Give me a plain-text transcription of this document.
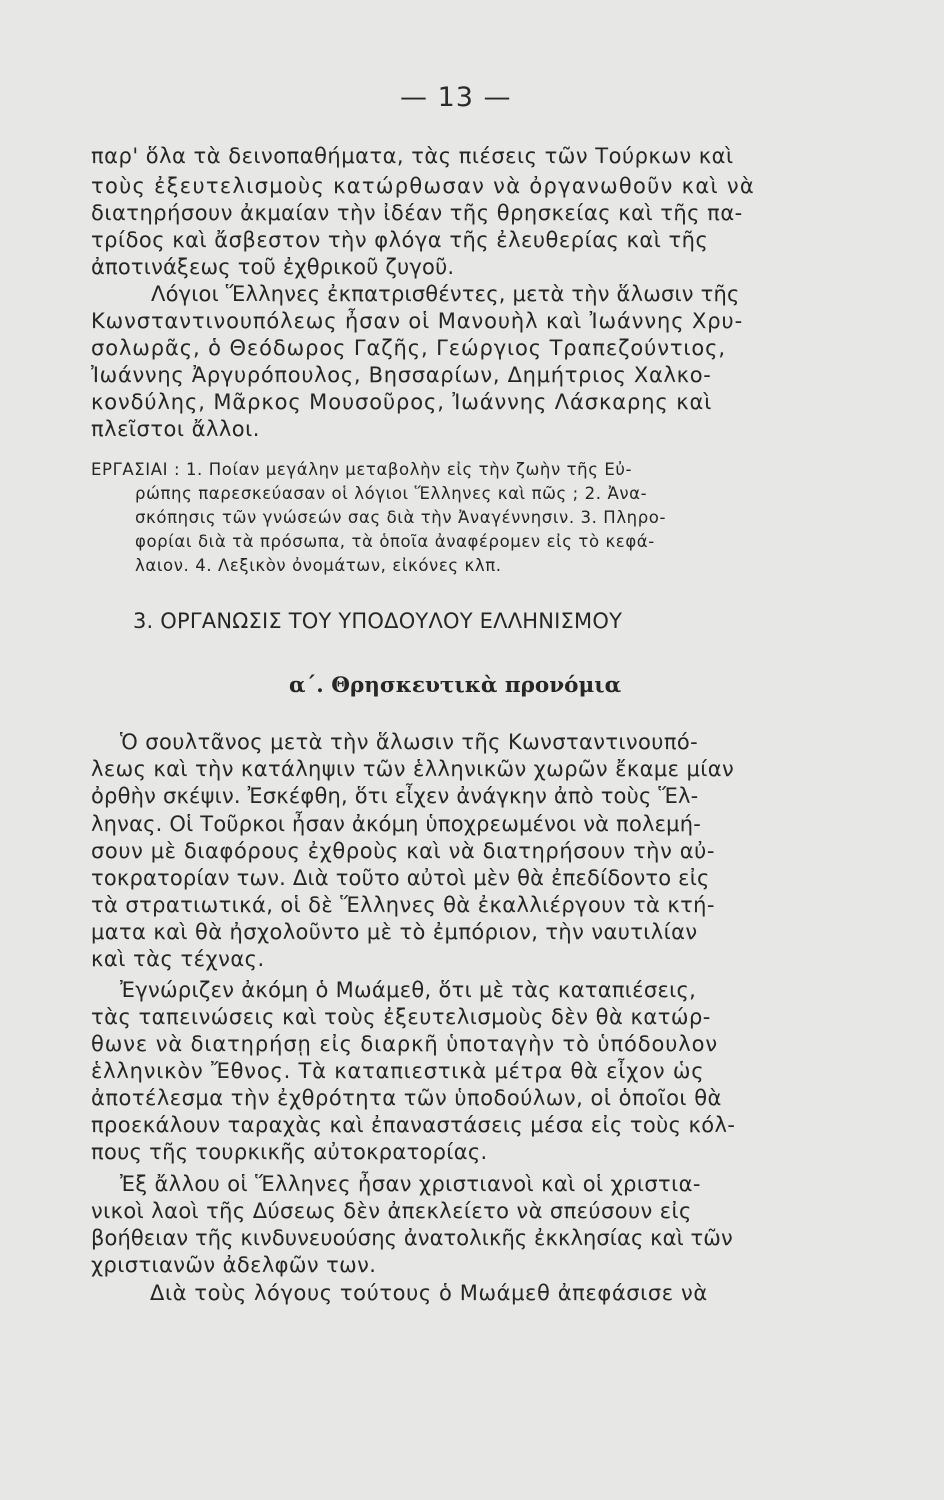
— 13 —
παρ' ὅλα τὰ δεινοπαθήματα, τὰς πιέσεις τῶν Τούρκων καὶ
τοὺς ἐξευτελισμοὺς κατώρθωσαν νὰ ὀργανωθοῦν καὶ νὰ
διατηρήσουν ἀκμαίαν τὴν ἰδέαν τῆς θρησκείας καὶ τῆς πα-
τρίδος καὶ ἄσβεστον τὴν φλόγα τῆς ἐλευθερίας καὶ τῆς
ἀποτινάξεως τοῦ ἐχθρικοῦ ζυγοῦ.
Λόγιοι Ἕλληνες ἐκπατρισθέντες, μετὰ τὴν ἅλωσιν τῆς
Κωνσταντινουπόλεως ἦσαν οἱ Μανουὴλ καὶ Ἰωάννης Χρυ-
σολωρᾶς, ὁ Θεόδωρος Γαζῆς, Γεώργιος Τραπεζούντιος,
Ἰωάννης Ἀργυρόπουλος, Βησσαρίων, Δημήτριος Χαλκο-
κονδύλης, Μᾶρκος Μουσοῦρος, Ἰωάννης Λάσκαρης καὶ
πλεῖστοι ἄλλοι.
ΕΡΓΑΣΙΑΙ : 1. Ποίαν μεγάλην μεταβολὴν εἰς τὴν ζωὴν τῆς Εὐ-
ρώπης παρεσκεύασαν οἱ λόγιοι Ἕλληνες καὶ πῶς ; 2. Ἀνα-
σκόπησις τῶν γνώσεών σας διὰ τὴν Ἀναγέννησιν. 3. Πληρο-
φορίαι διὰ τὰ πρόσωπα, τὰ ὁποῖα ἀναφέρομεν εἰς τὸ κεφά-
λαιον. 4. Λεξικὸν ὀνομάτων, εἰκόνες κλπ.
3. ΟΡΓΑΝΩΣΙΣ ΤΟΥ ΥΠΟΔΟΥΛΟΥ ΕΛΛΗΝΙΣΜΟΥ
α΄. Θρησκευτικὰ προνόμια
Ὁ σουλτᾶνος μετὰ τὴν ἅλωσιν τῆς Κωνσταντινουπό-
λεως καὶ τὴν κατάληψιν τῶν ἑλληνικῶν χωρῶν ἔκαμε μίαν
ὀρθὴν σκέψιν. Ἐσκέφθη, ὅτι εἶχεν ἀνάγκην ἀπὸ τοὺς Ἕλ-
ληνας. Οἱ Τοῦρκοι ἦσαν ἀκόμη ὑποχρεωμένοι νὰ πολεμή-
σουν μὲ διαφόρους ἐχθροὺς καὶ νὰ διατηρήσουν τὴν αὐ-
τοκρατορίαν των. Διὰ τοῦτο αὐτοὶ μὲν θὰ ἐπεδίδοντο εἰς
τὰ στρατιωτικά, οἱ δὲ Ἕλληνες θὰ ἐκαλλιέργουν τὰ κτή-
ματα καὶ θὰ ἠσχολοῦντο μὲ τὸ ἐμπόριον, τὴν ναυτιλίαν
καὶ τὰς τέχνας.
Ἐγνώριζεν ἀκόμη ὁ Μωάμεθ, ὅτι μὲ τὰς καταπιέσεις,
τὰς ταπεινώσεις καὶ τοὺς ἐξευτελισμοὺς δὲν θὰ κατώρ-
θωνε νὰ διατηρήσῃ εἰς διαρκῆ ὑποταγὴν τὸ ὑπόδουλον
ἑλληνικὸν Ἔθνος. Τὰ καταπιεστικὰ μέτρα θὰ εἶχον ὡς
ἀποτέλεσμα τὴν ἐχθρότητα τῶν ὑποδούλων, οἱ ὁποῖοι θὰ
προεκάλουν ταραχὰς καὶ ἐπαναστάσεις μέσα εἰς τοὺς κόλ-
πους τῆς τουρκικῆς αὐτοκρατορίας.
Ἐξ ἄλλου οἱ Ἕλληνες ἦσαν χριστιανοὶ καὶ οἱ χριστια-
νικοὶ λαοὶ τῆς Δύσεως δὲν ἀπεκλείετο νὰ σπεύσουν εἰς
βοήθειαν τῆς κινδυνευούσης ἀνατολικῆς ἐκκλησίας καὶ τῶν
χριστιανῶν ἀδελφῶν των.
Διὰ τοὺς λόγους τούτους ὁ Μωάμεθ ἀπεφάσισε νὰ
